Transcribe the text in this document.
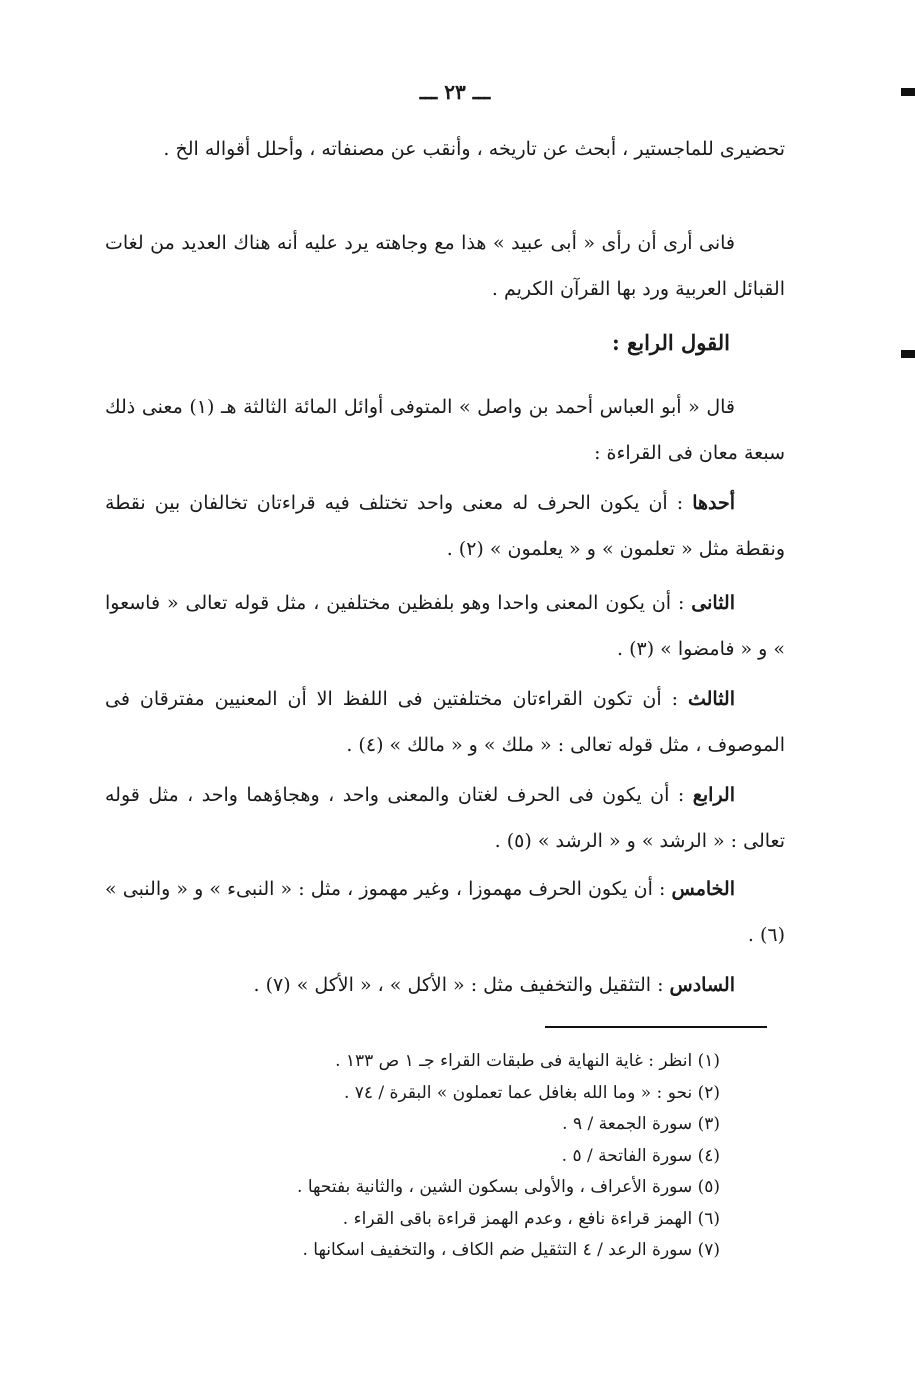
ـــ ٢٣ ـــ

تحضيرى للماجستير ، أبحث عن تاريخه ، وأنقب عن مصنفاته ، وأحلل أقواله الخ .

فانى أرى أن رأى « أبى عبيد » هذا مع وجاهته يرد عليه أنه هناك العديد من لغات القبائل العربية ورد بها القرآن الكريم .

القول الرابع :

قال « أبو العباس أحمد بن واصل » المتوفى أوائل المائة الثالثة هـ (١) معنى ذلك سبعة معان فى القراءة :

أحدها : أن يكون الحرف له معنى واحد تختلف فيه قراءتان تخالفان بين نقطة ونقطة مثل « تعلمون » و « يعلمون » (٢) .

الثانى : أن يكون المعنى واحدا وهو بلفظين مختلفين ، مثل قوله تعالى « فاسعوا » و « فامضوا » (٣) .

الثالث : أن تكون القراءتان مختلفتين فى اللفظ الا أن المعنيين مفترقان فى الموصوف ، مثل قوله تعالى : « ملك » و « مالك » (٤) .

الرابع : أن يكون فى الحرف لغتان والمعنى واحد ، وهجاؤهما واحد ، مثل قوله تعالى : « الرشد » و « الرشد » (٥) .

الخامس : أن يكون الحرف مهموزا ، وغير مهموز ، مثل : « النبىء » و « والنبى » (٦) .

السادس : التثقيل والتخفيف مثل : « الأكل » ، « الأكل » (٧) .

(١) انظر : غاية النهاية فى طبقات القراء جـ ١ ص ١٣٣ .
(٢) نحو : « وما الله بغافل عما تعملون » البقرة / ٧٤ .
(٣) سورة الجمعة / ٩ .
(٤) سورة الفاتحة / ٥ .
(٥) سورة الأعراف ، والأولى بسكون الشين ، والثانية بفتحها .
(٦) الهمز قراءة نافع ، وعدم الهمز قراءة باقى القراء .
(٧) سورة الرعد / ٤ التثقيل ضم الكاف ، والتخفيف اسكانها .
